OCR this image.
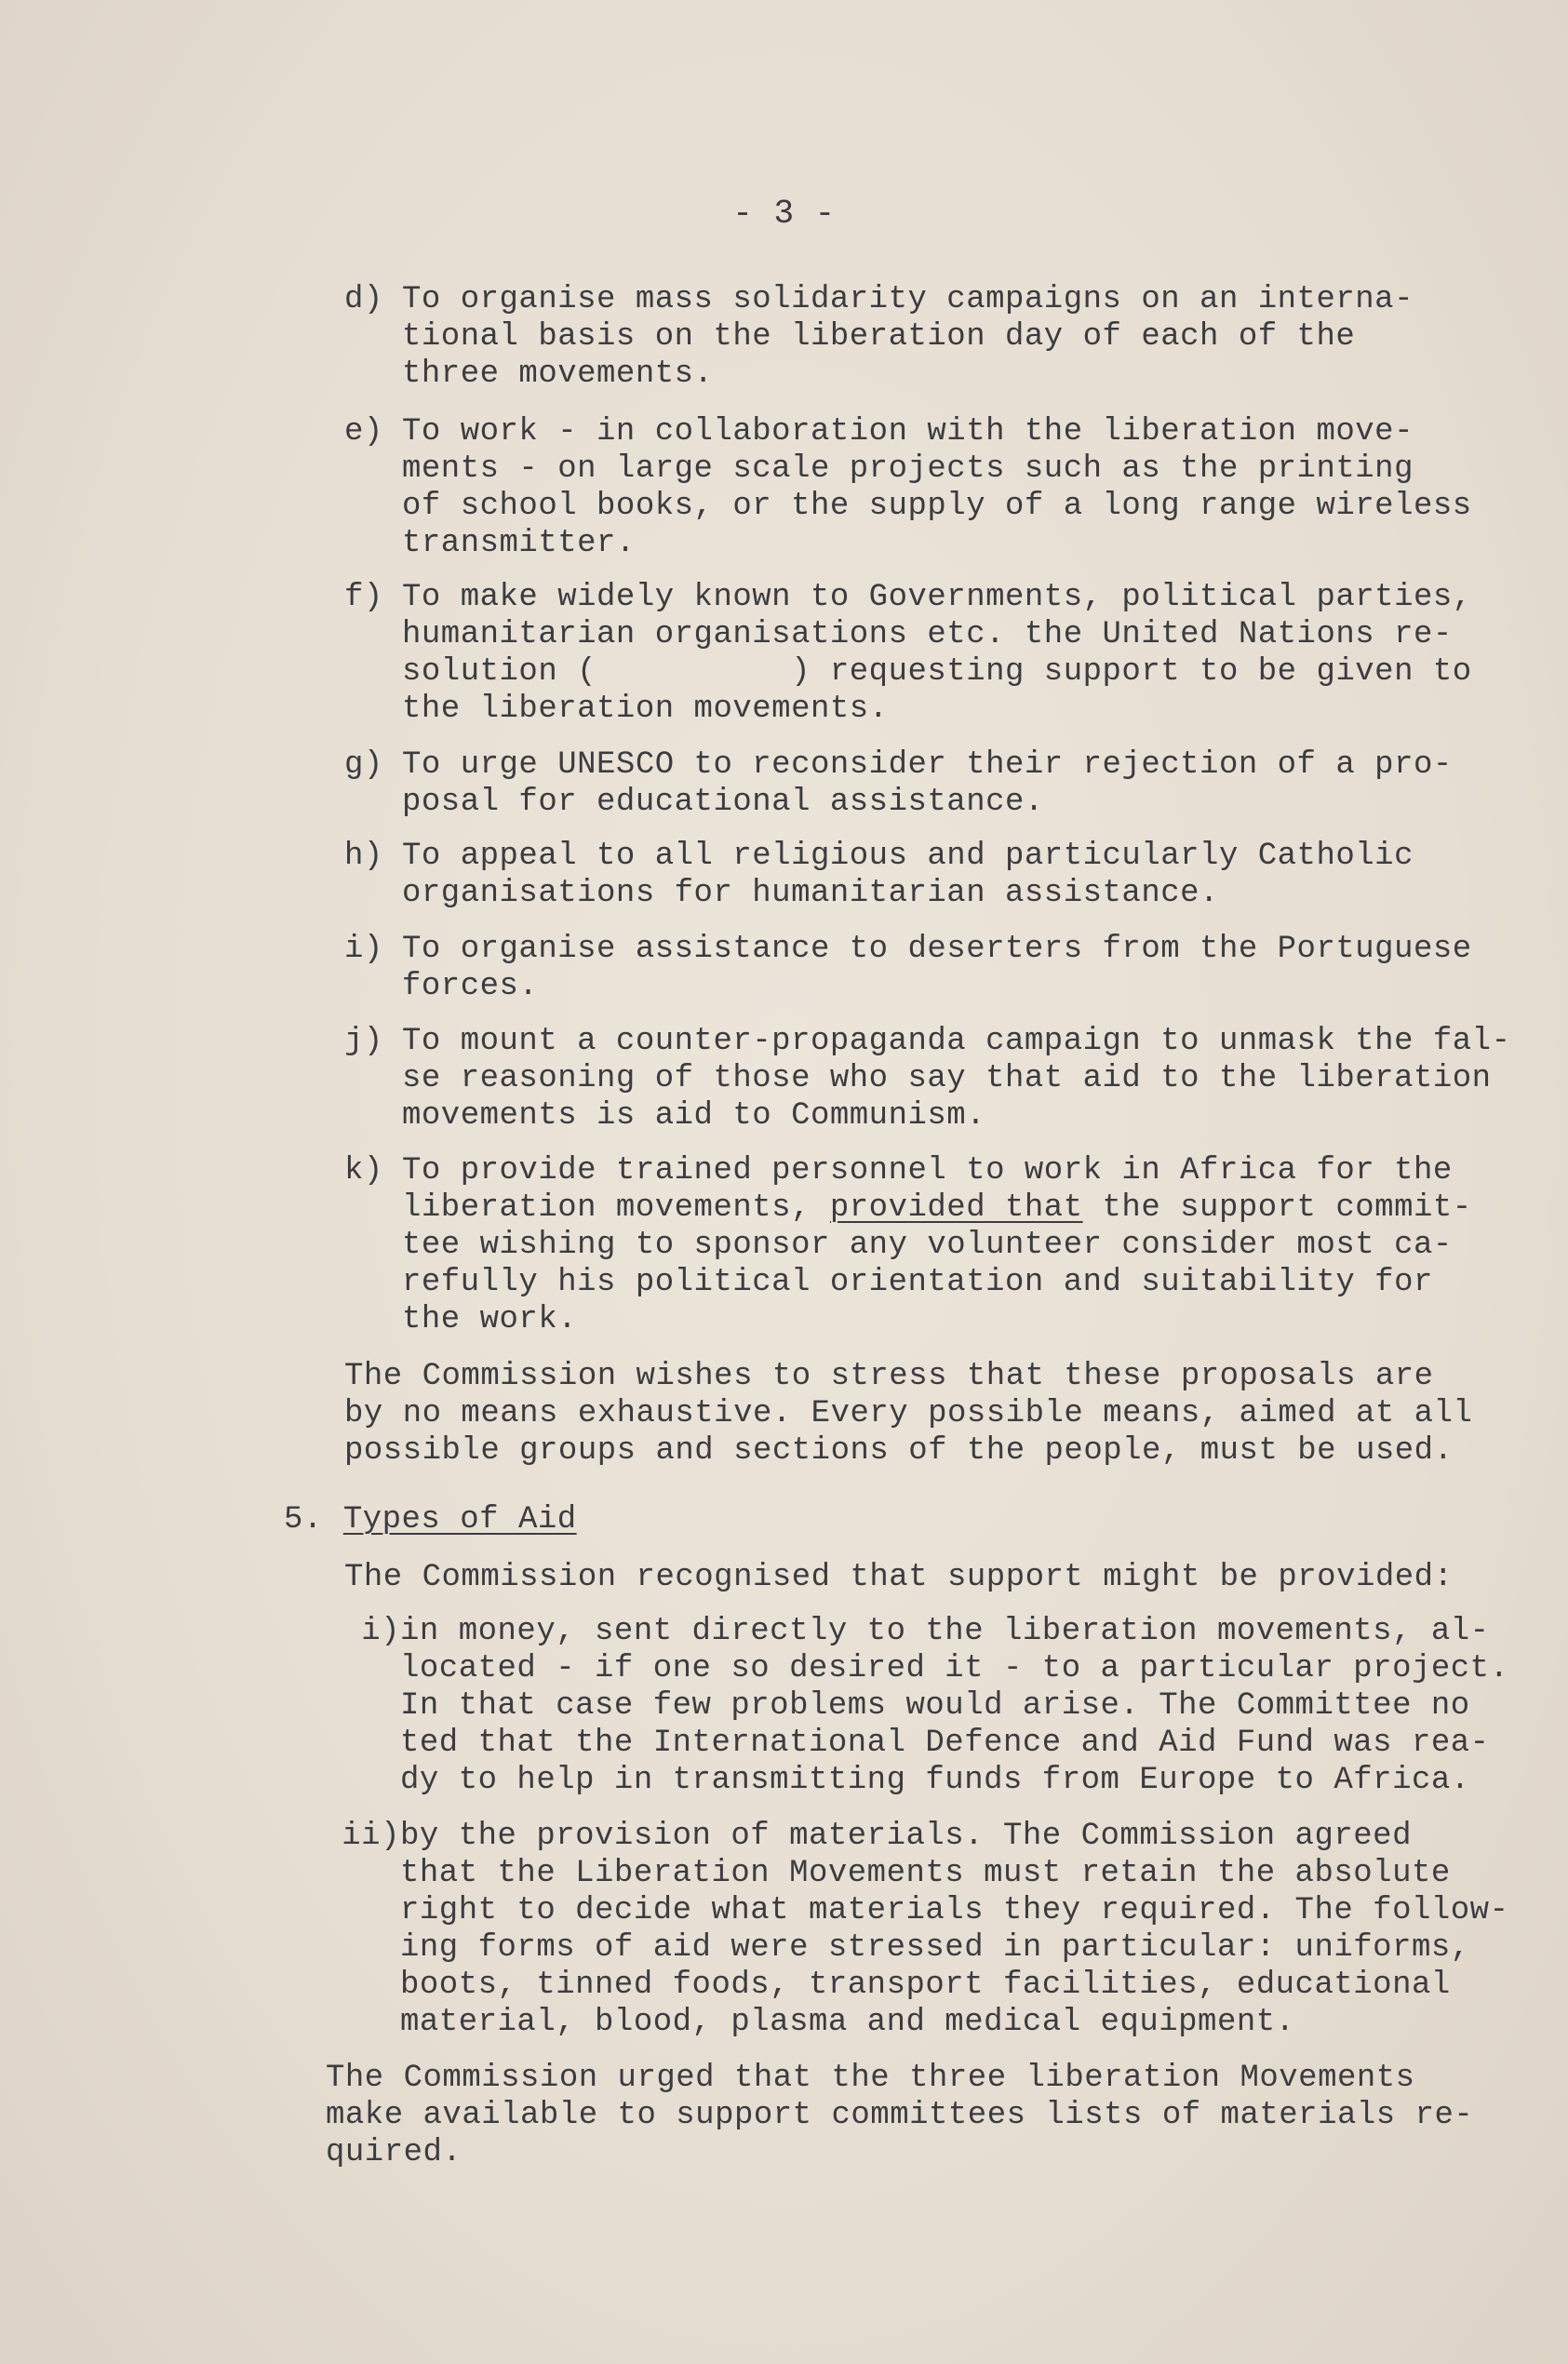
- 3 -
d) To organise mass solidarity campaigns on an interna-
tional basis on the liberation day of each of the
three movements.
e) To work - in collaboration with the liberation move-
ments - on large scale projects such as the printing
of school books, or the supply of a long range wireless
transmitter.
f) To make widely known to Governments, political parties,
humanitarian organisations etc. the United Nations re-
solution (          ) requesting support to be given to
the liberation movements.
g) To urge UNESCO to reconsider their rejection of a pro-
posal for educational assistance.
h) To appeal to all religious and particularly Catholic
organisations for humanitarian assistance.
i) To organise assistance to deserters from the Portuguese
forces.
j) To mount a counter-propaganda campaign to unmask the fal-
se reasoning of those who say that aid to the liberation
movements is aid to Communism.
k) To provide trained personnel to work in Africa for the
liberation movements, provided that the support commit-
tee wishing to sponsor any volunteer consider most ca-
refully his political orientation and suitability for
the work.
The Commission wishes to stress that these proposals are
by no means exhaustive. Every possible means, aimed at all
possible groups and sections of the people, must be used.
5. Types of Aid
The Commission recognised that support might be provided:
i) in money, sent directly to the liberation movements, al-
located - if one so desired it - to a particular project.
In that case few problems would arise. The Committee no
ted that the International Defence and Aid Fund was rea-
dy to help in transmitting funds from Europe to Africa.
ii) by the provision of materials. The Commission agreed
that the Liberation Movements must retain the absolute
right to decide what materials they required. The follow-
ing forms of aid were stressed in particular: uniforms,
boots, tinned foods, transport facilities, educational
material, blood, plasma and medical equipment.
The Commission urged that the three liberation Movements
make available to support committees lists of materials re-
quired.
